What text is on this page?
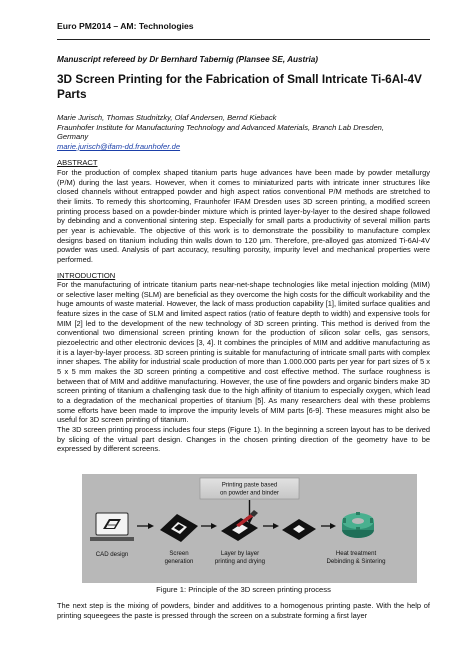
Euro PM2014 – AM: Technologies
Manuscript refereed by Dr Bernhard Tabernig (Plansee SE, Austria)
3D Screen Printing for the Fabrication of Small Intricate Ti-6Al-4V
Parts
Marie Jurisch, Thomas Studnitzky, Olaf Andersen, Bernd Kieback
Fraunhofer Institute for Manufacturing Technology and Advanced Materials, Branch Lab Dresden,
Germany
marie.jurisch@ifam-dd.fraunhofer.de
ABSTRACT
For the production of complex shaped titanium parts huge advances have been made by powder metallurgy (P/M) during the last years. However, when it comes to miniaturized parts with intricate inner structures like closed channels without entrapped powder and high aspect ratios conventional P/M methods are stretched to their limits. To remedy this shortcoming, Fraunhofer IFAM Dresden uses 3D screen printing, a modified screen printing process based on a powder-binder mixture which is printed layer-by-layer to the desired shape followed by debinding and a conventional sintering step. Especially for small parts a productivity of several million parts per year is achievable. The objective of this work is to demonstrate the possibility to manufacture complex designs based on titanium including thin walls down to 120 µm. Therefore, pre-alloyed gas atomized Ti-6Al-4V powder was used. Analysis of part accuracy, resulting porosity, impurity level and mechanical properties were performed.
INTRODUCTION
For the manufacturing of intricate titanium parts near-net-shape technologies like metal injection molding (MIM) or selective laser melting (SLM) are beneficial as they overcome the high costs for the difficult workability and the huge amounts of waste material. However, the lack of mass production capability [1], limited surface qualities and feature sizes in the case of SLM and limited aspect ratios (ratio of feature depth to width) and expensive tools for MIM [2] led to the development of the new technology of 3D screen printing. This method is derived from the conventional two dimensional screen printing known for the production of silicon solar cells, gas sensors, piezoelectric and other electronic devices [3, 4]. It combines the principles of MIM and additive manufacturing as it is a layer-by-layer process. 3D screen printing is suitable for manufacturing of intricate small parts with complex inner shapes. The ability for industrial scale production of more than 1.000.000 parts per year for part sizes of 5 x 5 x 5 mm makes the 3D screen printing a competitive and cost effective method. The surface roughness is between that of MIM and additive manufacturing. However, the use of fine powders and organic binders make 3D screen printing of titanium a challenging task due to the high affinity of titanium to especially oxygen, which lead to a degradation of the mechanical properties of titanium [5]. As many researchers deal with these problems some efforts have been made to improve the impurity levels of MIM parts [6-9]. These measures might also be useful for 3D screen printing of titanium.
The 3D screen printing process includes four steps (Figure 1). In the beginning a screen layout has to be derived by slicing of the virtual part design. Changes in the chosen printing direction of the geometry have to be expressed by different screens.
Printing paste based
on powder and binder
CAD design	Screen
generation
Layer by layer
printing and drying
Heat treatment
Debinding & Sintering
Figure 1: Principle of the 3D screen printing process
The next step is the mixing of powders, binder and additives to a homogenous printing paste. With the help of printing squeegees the paste is pressed through the screen on a substrate forming a first layer
